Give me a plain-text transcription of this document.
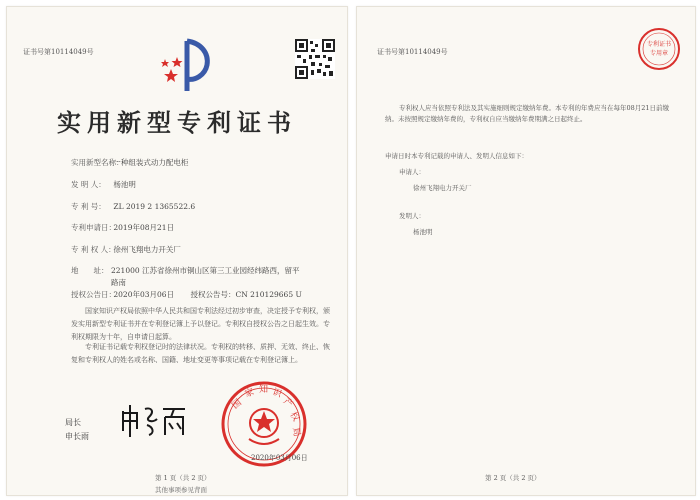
证书号第10114049号
实用新型专利证书
实用新型名称： 一种组装式动力配电柜
发 明 人： 杨池明
专 利 号： ZL 2019 2 1365522.6
专利申请日： 2019年08月21日
专 利 权 人： 徐州飞翔电力开关厂
地　　址： 221000 江苏省徐州市铜山区第三工业园经纬路西，留平路南
授权公告日： 2020年03月06日 授权公告号：CN 210129665 U
国家知识产权局依照中华人民共和国专利法经过初步审查，决定授予专利权，颁发实用新型专利证书并在专利登记簿上予以登记。专利权自授权公告之日起生效。专利权期限为十年，自申请日起算。
专利证书记载专利权登记时的法律状况。专利权的转移、质押、无效、终止、恢复和专利权人的姓名或名称、国籍、地址变更等事项记载在专利登记簿上。
局长
申长雨
国
家 知 识
产
权
局
2020年03月06日
第 1 页（共 2 页）
其他事项参见背面
证书号第10114049号
专利证书
专用章
专利权人应当依照专利法及其实施细则规定缴纳年费。本专利的年费应当在每年08月21日前缴纳。未按照规定缴纳年费的，专利权自应当缴纳年费期满之日起终止。
申请日时本专利记载的申请人、发明人信息如下：
申请人：
徐州飞翔电力开关厂
发明人：
杨池明
第 2 页（共 2 页）
